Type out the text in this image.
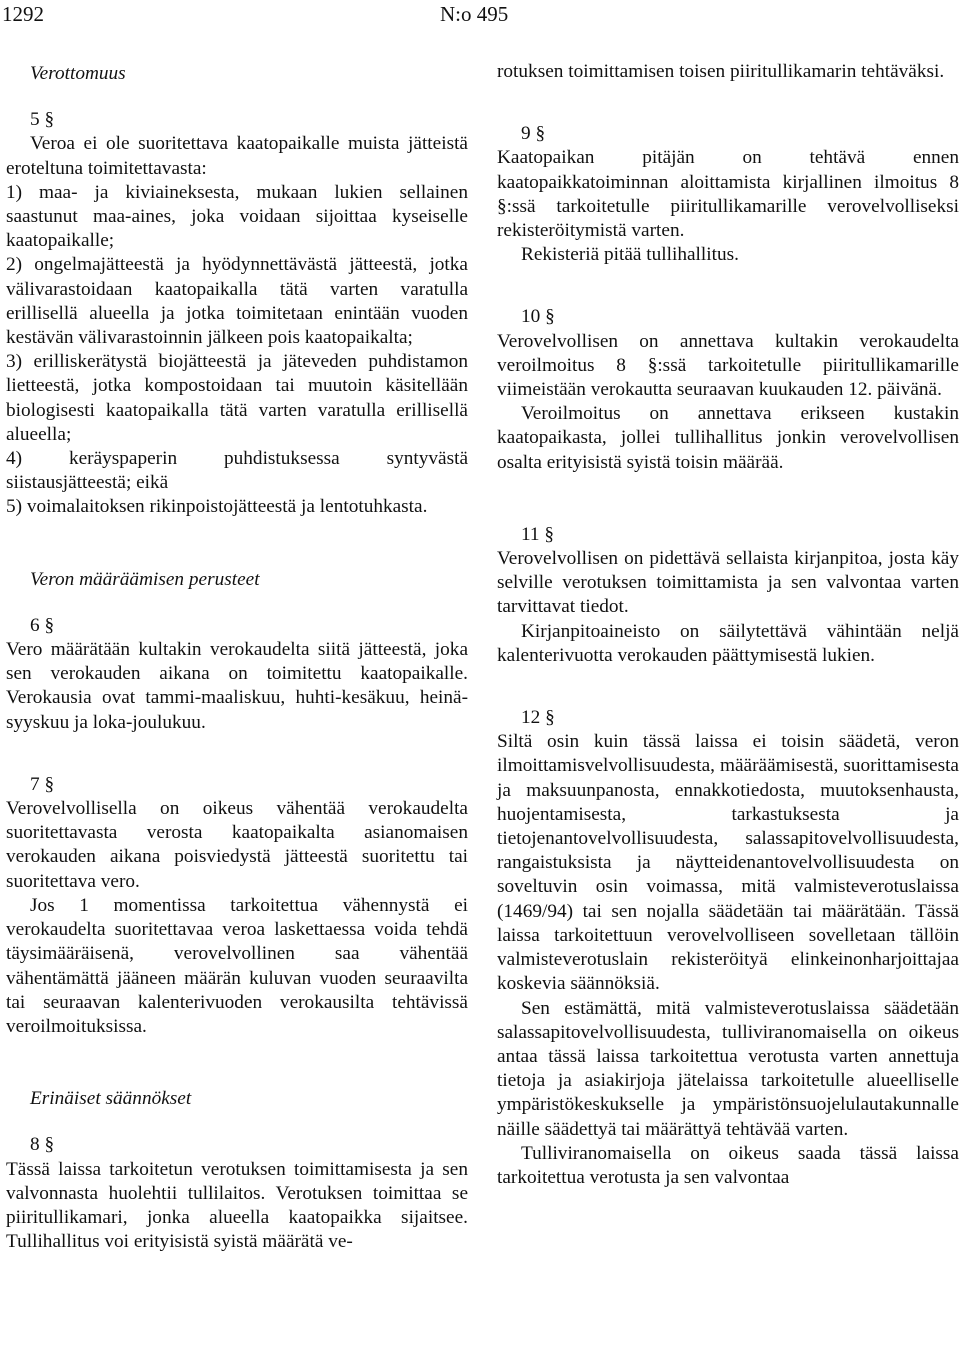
1292	N:o 495

Verottomuus

5 §

Veroa ei ole suoritettava kaatopaikalle muista jätteistä eroteltuna toimitettavasta:

1) maa- ja kiviaineksesta, mukaan lukien sellainen saastunut maa-aines, joka voidaan sijoittaa kyseiselle kaatopaikalle;

2) ongelmajätteestä ja hyödynnettävästä jätteestä, jotka välivarastoidaan kaatopaikalla tätä varten varatulla erillisellä alueella ja jotka toimitetaan enintään vuoden kestävän välivarastoinnin jälkeen pois kaatopaikalta;

3) erilliskerätystä biojätteestä ja jäteveden puhdistamon lietteestä, jotka kompostoidaan tai muutoin käsitellään biologisesti kaatopaikalla tätä varten varatulla erillisellä alueella;

4) keräyspaperin puhdistuksessa syntyvästä siistausjätteestä; eikä

5) voimalaitoksen rikinpoistojätteestä ja lentotuhkasta.

Veron määräämisen perusteet

6 §

Vero määrätään kultakin verokaudelta siitä jätteestä, joka sen verokauden aikana on toimitettu kaatopaikalle. Verokausia ovat tammi-maaliskuu, huhti-kesäkuu, heinä-syyskuu ja loka-joulukuu.

7 §

Verovelvollisella on oikeus vähentää verokaudelta suoritettavasta verosta kaatopaikalta asianomaisen verokauden aikana poisviedystä jätteestä suoritettu tai suoritettava vero.

Jos 1 momentissa tarkoitettua vähennystä ei verokaudelta suoritettavaa veroa laskettaessa voida tehdä täysimääräisenä, verovelvollinen saa vähentää vähentämättä jääneen määrän kuluvan vuoden seuraavilta tai seuraavan kalenterivuoden verokausilta tehtävissä veroilmoituksissa.

Erinäiset säännökset

8 §

Tässä laissa tarkoitetun verotuksen toimittamisesta ja sen valvonnasta huolehtii tullilaitos. Verotuksen toimittaa se piiritullikamari, jonka alueella kaatopaikka sijaitsee. Tullihallitus voi erityisistä syistä määrätä ve-

rotuksen toimittamisen toisen piiritullikamarin tehtäväksi.

9 §

Kaatopaikan pitäjän on tehtävä ennen kaatopaikkatoiminnan aloittamista kirjallinen ilmoitus 8 §:ssä tarkoitetulle piiritullikamarille verovelvolliseksi rekisteröitymistä varten.

Rekisteriä pitää tullihallitus.

10 §

Verovelvollisen on annettava kultakin verokaudelta veroilmoitus 8 §:ssä tarkoitetulle piiritullikamarille viimeistään verokautta seuraavan kuukauden 12. päivänä.

Veroilmoitus on annettava erikseen kustakin kaatopaikasta, jollei tullihallitus jonkin verovelvollisen osalta erityisistä syistä toisin määrää.

11 §

Verovelvollisen on pidettävä sellaista kirjanpitoa, josta käy selville verotuksen toimittamista ja sen valvontaa varten tarvittavat tiedot.

Kirjanpitoaineisto on säilytettävä vähintään neljä kalenterivuotta verokauden päättymisestä lukien.

12 §

Siltä osin kuin tässä laissa ei toisin säädetä, veron ilmoittamisvelvollisuudesta, määräämisestä, suorittamisesta ja maksuunpanosta, ennakkotiedosta, muutoksenhausta, huojentamisesta, tarkastuksesta ja tietojenantovelvollisuudesta, salassapitovelvollisuudesta, rangaistuksista ja näytteidenantovelvollisuudesta on soveltuvin osin voimassa, mitä valmisteverotuslaissa (1469/94) tai sen nojalla säädetään tai määrätään. Tässä laissa tarkoitettuun verovelvolliseen sovelletaan tällöin valmisteverotuslain rekisteröityä elinkeinonharjoittajaa koskevia säännöksiä.

Sen estämättä, mitä valmisteverotuslaissa säädetään salassapitovelvollisuudesta, tulliviranomaisella on oikeus antaa tässä laissa tarkoitettua verotusta varten annettuja tietoja ja asiakirjoja jätelaissa tarkoitetulle alueelliselle ympäristökeskukselle ja ympäristönsuojelulautakunnalle näille säädettyä tai määrättyä tehtävää varten.

Tulliviranomaisella on oikeus saada tässä laissa tarkoitettua verotusta ja sen valvontaa
